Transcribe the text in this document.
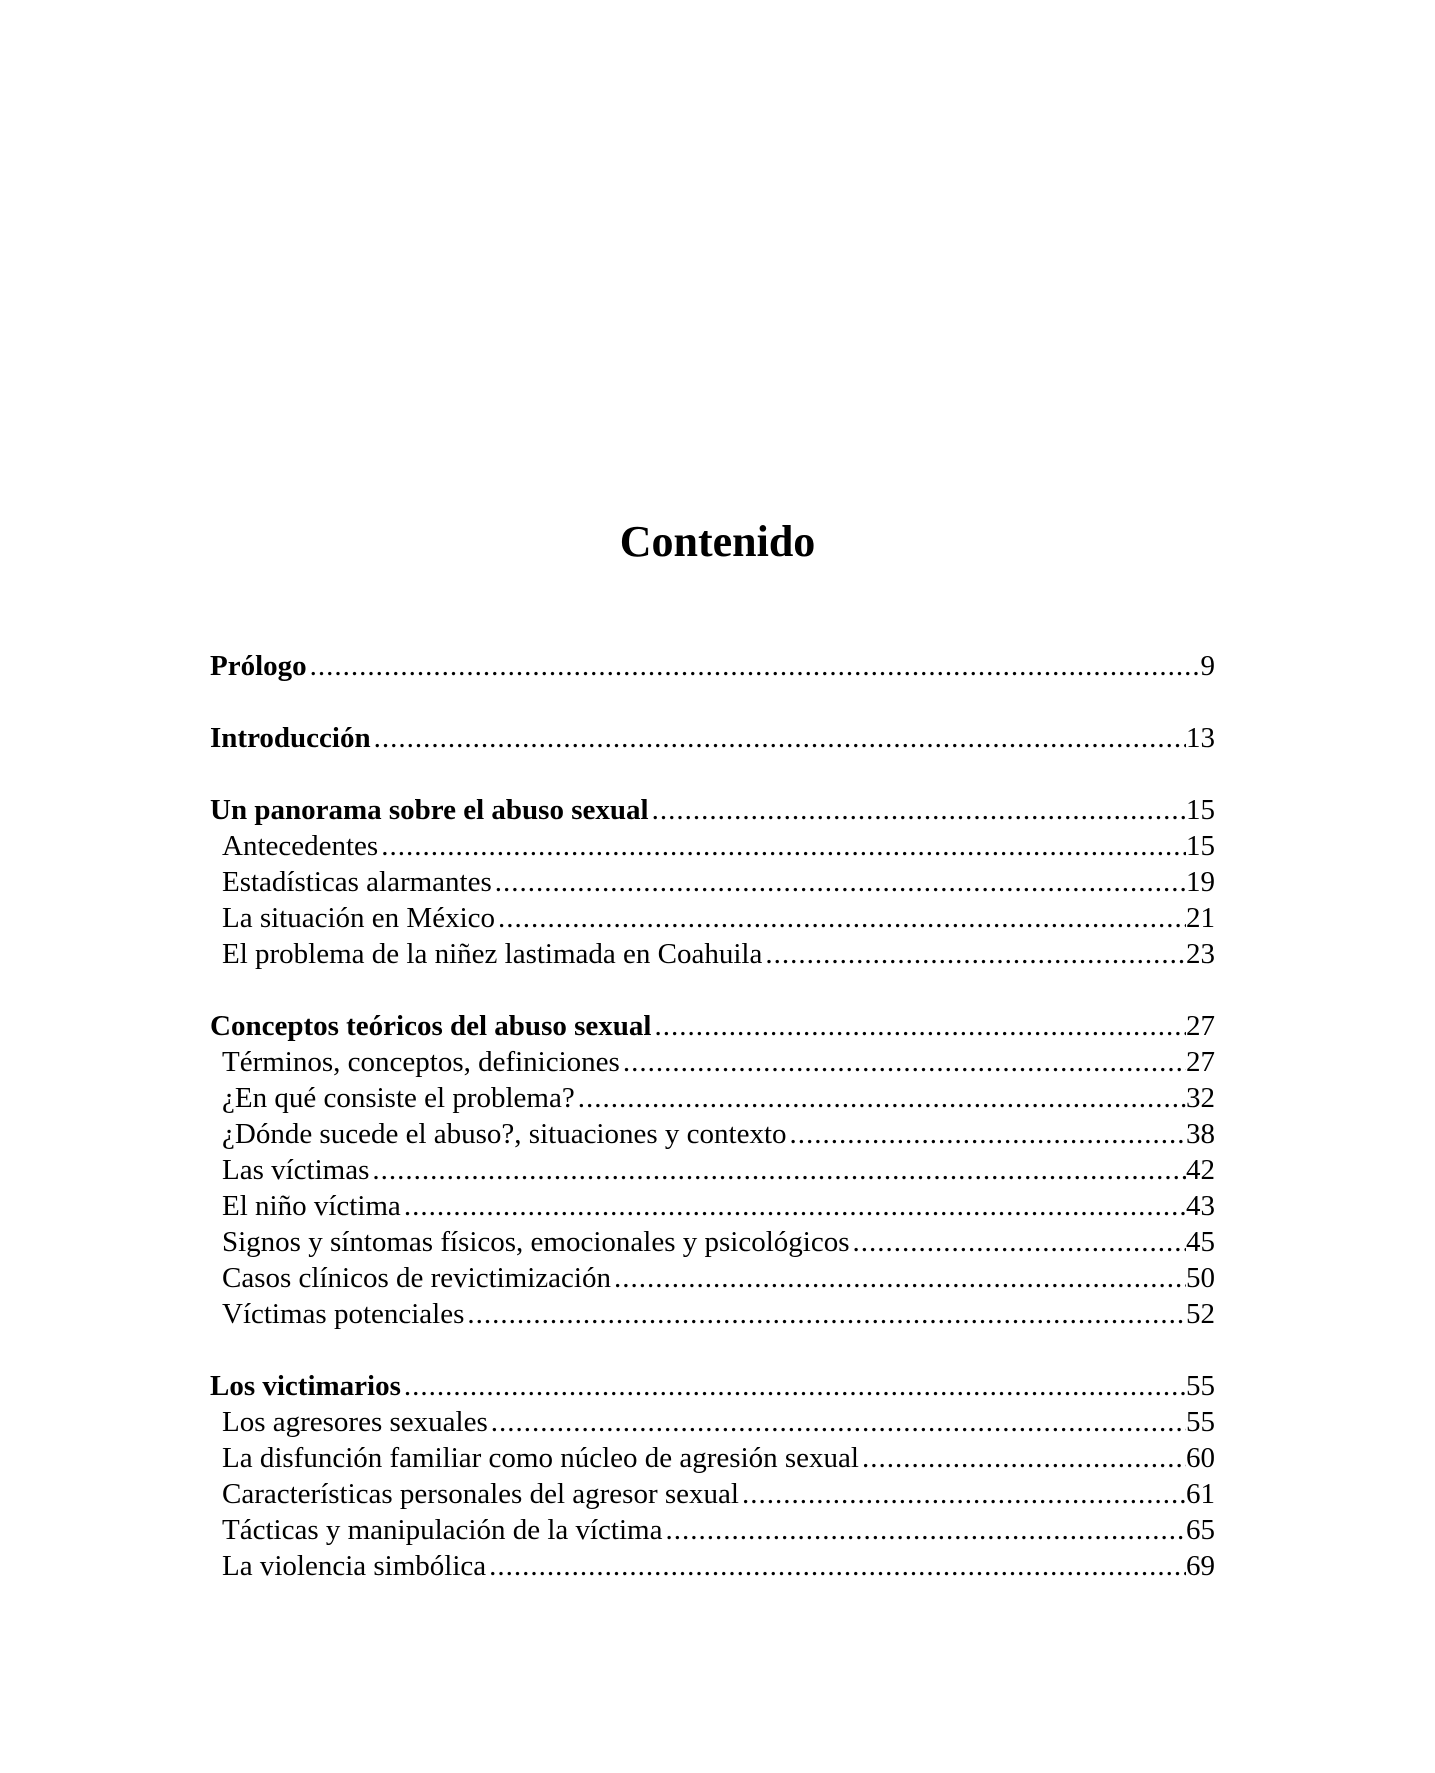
Contenido
Prólogo .....	9
Introducción .....	13
Un panorama sobre el abuso sexual .....	15
Antecedentes .....	15
Estadísticas alarmantes .....	19
La situación en México .....	21
El problema de la niñez lastimada en Coahuila .....	23
Conceptos teóricos del abuso sexual .....	27
Términos, conceptos, definiciones .....	27
¿En qué consiste el problema? .....	32
¿Dónde sucede el abuso?, situaciones y contexto .....	38
Las víctimas .....	42
El niño víctima .....	43
Signos y síntomas físicos, emocionales y psicológicos .....	45
Casos clínicos de revictimización .....	50
Víctimas potenciales .....	52
Los victimarios .....	55
Los agresores sexuales .....	55
La disfunción familiar como núcleo de agresión sexual .....	60
Características personales del agresor sexual .....	61
Tácticas y manipulación de la víctima .....	65
La violencia simbólica .....	69
